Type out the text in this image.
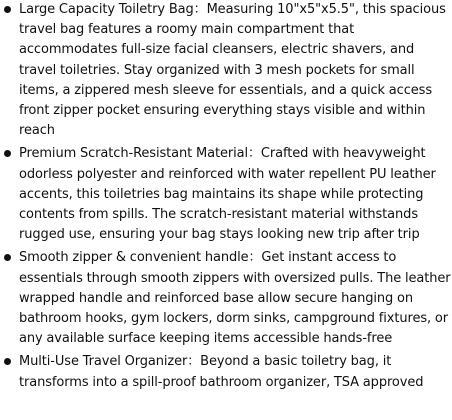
Large Capacity Toiletry Bag：Measuring 10"x5"x5.5", this spacious travel bag features a roomy main compartment that accommodates full-size facial cleansers, electric shavers, and travel toiletries. Stay organized with 3 mesh pockets for small items, a zippered mesh sleeve for essentials, and a quick access front zipper pocket ensuring everything stays visible and within reach
Premium Scratch-Resistant Material：Crafted with heavyweight odorless polyester and reinforced with water repellent PU leather accents, this toiletries bag maintains its shape while protecting contents from spills. The scratch-resistant material withstands rugged use, ensuring your bag stays looking new trip after trip
Smooth zipper & convenient handle：Get instant access to essentials through smooth zippers with oversized pulls. The leather wrapped handle and reinforced base allow secure hanging on bathroom hooks, gym lockers, dorm sinks, campground fixtures, or any available surface keeping items accessible hands-free
Multi-Use Travel Organizer：Beyond a basic toiletry bag, it transforms into a spill-proof bathroom organizer, TSA approved
